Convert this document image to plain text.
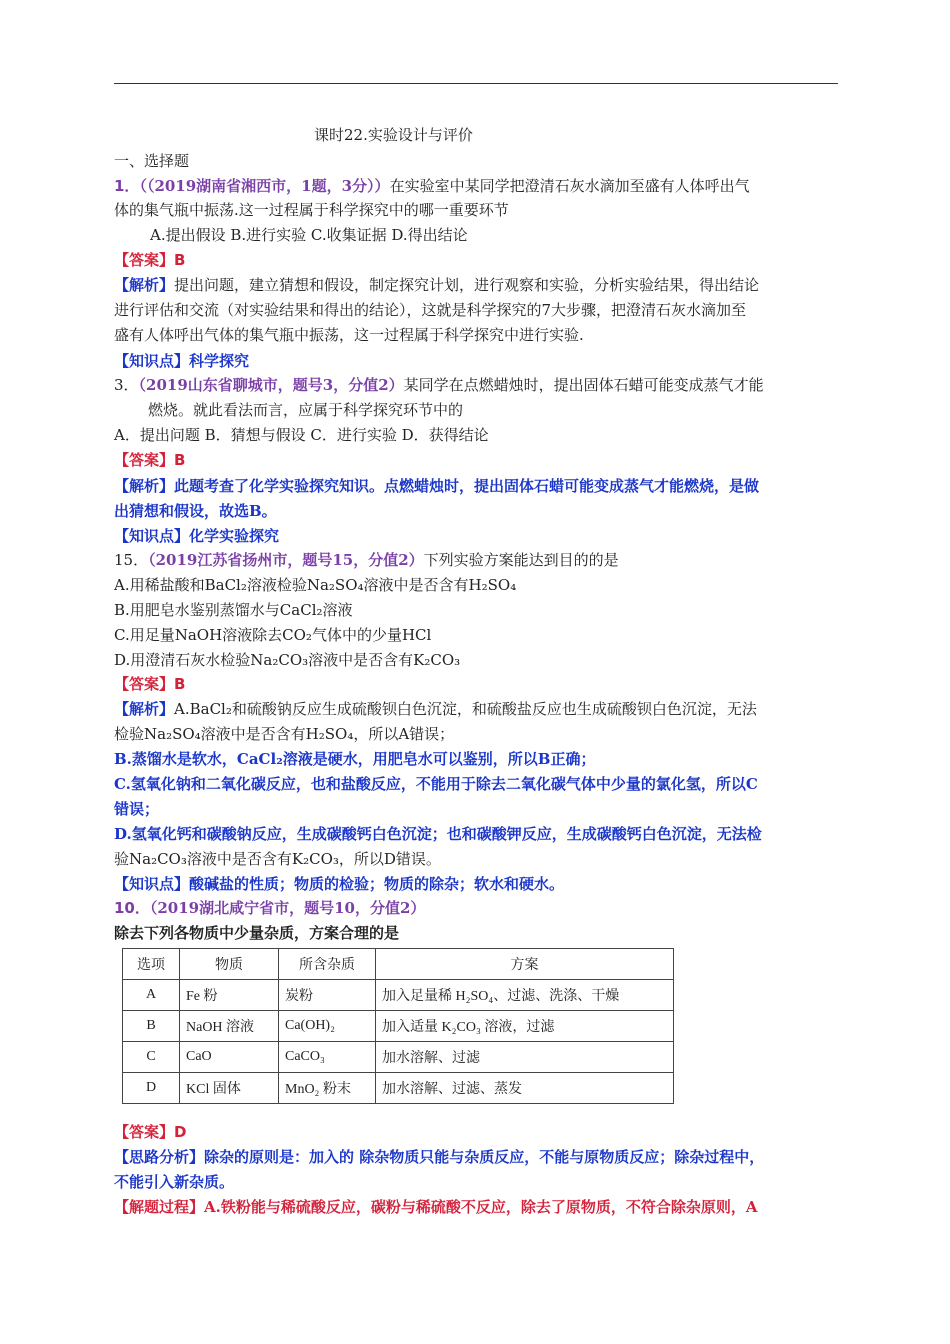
课时22.实验设计与评价
一、选择题
1．（（2019湖南省湘西市，1题，3分））在实验室中某同学把澄清石灰水滴加至盛有人体呼出气
体的集气瓶中振荡.这一过程属于科学探究中的哪一重要环节
A.提出假设 B.进行实验 C.收集证据 D.得出结论
【答案】B
【解析】提出问题，建立猜想和假设，制定探究计划，进行观察和实验，分析实验结果，得出结论
进行评估和交流（对实验结果和得出的结论），这就是科学探究的7大步骤，把澄清石灰水滴加至
盛有人体呼出气体的集气瓶中振荡，这一过程属于科学探究中进行实验.
【知识点】科学探究
3．（2019山东省聊城市，题号3，分值2）某同学在点燃蜡烛时，提出固体石蜡可能变成蒸气才能
燃烧。就此看法而言，应属于科学探究环节中的
A．提出问题 B．猜想与假设 C．进行实验 D．获得结论
【答案】B
【解析】此题考查了化学实验探究知识。点燃蜡烛时，提出固体石蜡可能变成蒸气才能燃烧，是做
出猜想和假设，故选B。
【知识点】化学实验探究
15．（2019江苏省扬州市，题号15，分值2）下列实验方案能达到目的的是
A.用稀盐酸和BaCl₂溶液检验Na₂SO₄溶液中是否含有H₂SO₄
B.用肥皂水鉴别蒸馏水与CaCl₂溶液
C.用足量NaOH溶液除去CO₂气体中的少量HCl
D.用澄清石灰水检验Na₂CO₃溶液中是否含有K₂CO₃
【答案】B
【解析】A.BaCl₂和硫酸钠反应生成硫酸钡白色沉淀，和硫酸盐反应也生成硫酸钡白色沉淀，无法
检验Na₂SO₄溶液中是否含有H₂SO₄，所以A错误；
B.蒸馏水是软水，CaCl₂溶液是硬水，用肥皂水可以鉴别，所以B正确；
C.氢氧化钠和二氧化碳反应，也和盐酸反应，不能用于除去二氧化碳气体中少量的氯化氢，所以C
错误；
D.氢氧化钙和碳酸钠反应，生成碳酸钙白色沉淀；也和碳酸钾反应，生成碳酸钙白色沉淀，无法检
验Na₂CO₃溶液中是否含有K₂CO₃，所以D错误。
【知识点】酸碱盐的性质；物质的检验；物质的除杂；软水和硬水。
10．（2019湖北咸宁省市，题号10，分值2）
除去下列各物质中少量杂质，方案合理的是
选项	物质	所含杂质	方案
A	Fe 粉	炭粉	加入足量稀 H₂SO₄、过滤、洗涤、干燥
B	NaOH 溶液	Ca(OH)₂	加入适量 K₂CO₃ 溶液，过滤
C	CaO	CaCO₃	加水溶解、过滤
D	KCl 固体	MnO₂ 粉末	加水溶解、过滤、蒸发
【答案】D
【思路分析】除杂的原则是：加入的 除杂物质只能与杂质反应，不能与原物质反应；除杂过程中，
不能引入新杂质。
【解题过程】A.铁粉能与稀硫酸反应，碳粉与稀硫酸不反应，除去了原物质，不符合除杂原则，A
